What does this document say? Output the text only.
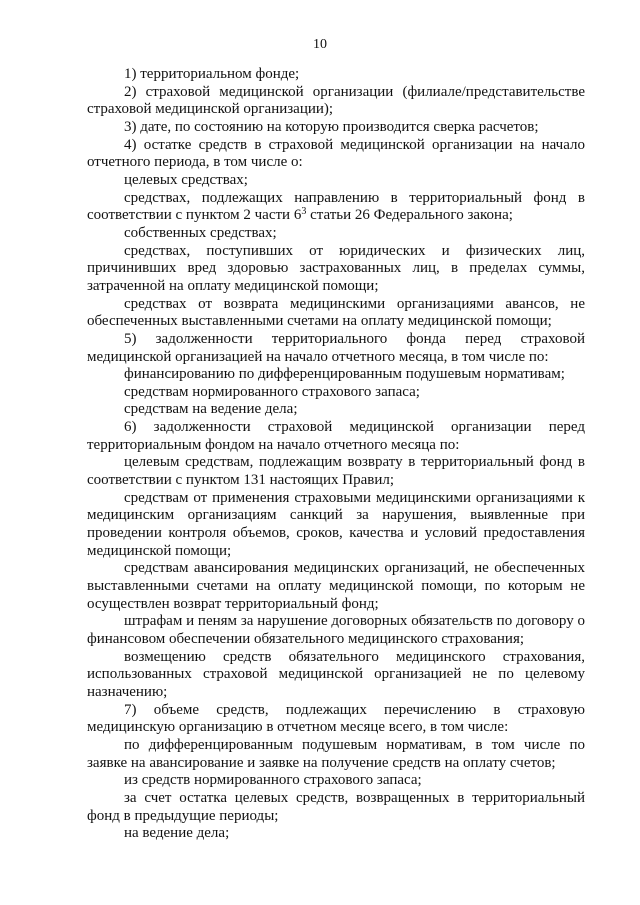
10

1) территориальном фонде;

2) страховой медицинской организации (филиале/представительстве страховой медицинской организации);

3) дате, по состоянию на которую производится сверка расчетов;

4) остатке средств в страховой медицинской организации на начало отчетного периода, в том числе о:

целевых средствах;

средствах, подлежащих направлению в территориальный фонд в соответствии с пунктом 2 части $6^3$ статьи 26 Федерального закона;

собственных средствах;

средствах, поступивших от юридических и физических лиц, причинивших вред здоровью застрахованных лиц, в пределах суммы, затраченной на оплату медицинской помощи;

средствах от возврата медицинскими организациями авансов, не обеспеченных выставленными счетами на оплату медицинской помощи;

5) задолженности территориального фонда перед страховой медицинской организацией на начало отчетного месяца, в том числе по:

финансированию по дифференцированным подушевым нормативам;

средствам нормированного страхового запаса;

средствам на ведение дела;

6) задолженности страховой медицинской организации перед территориальным фондом на начало отчетного месяца по:

целевым средствам, подлежащим возврату в территориальный фонд в соответствии с пунктом 131 настоящих Правил;

средствам от применения страховыми медицинскими организациями к медицинским организациям санкций за нарушения, выявленные при проведении контроля объемов, сроков, качества и условий предоставления медицинской помощи;

средствам авансирования медицинских организаций, не обеспеченных выставленными счетами на оплату медицинской помощи, по которым не осуществлен возврат территориальный фонд;

штрафам и пеням за нарушение договорных обязательств по договору о финансовом обеспечении обязательного медицинского страхования;

возмещению средств обязательного медицинского страхования, использованных страховой медицинской организацией не по целевому назначению;

7) объеме средств, подлежащих перечислению в страховую медицинскую организацию в отчетном месяце всего, в том числе:

по дифференцированным подушевым нормативам, в том числе по заявке на авансирование и заявке на получение средств на оплату счетов;

из средств нормированного страхового запаса;

за счет остатка целевых средств, возвращенных в территориальный фонд в предыдущие периоды;

на ведение дела;
